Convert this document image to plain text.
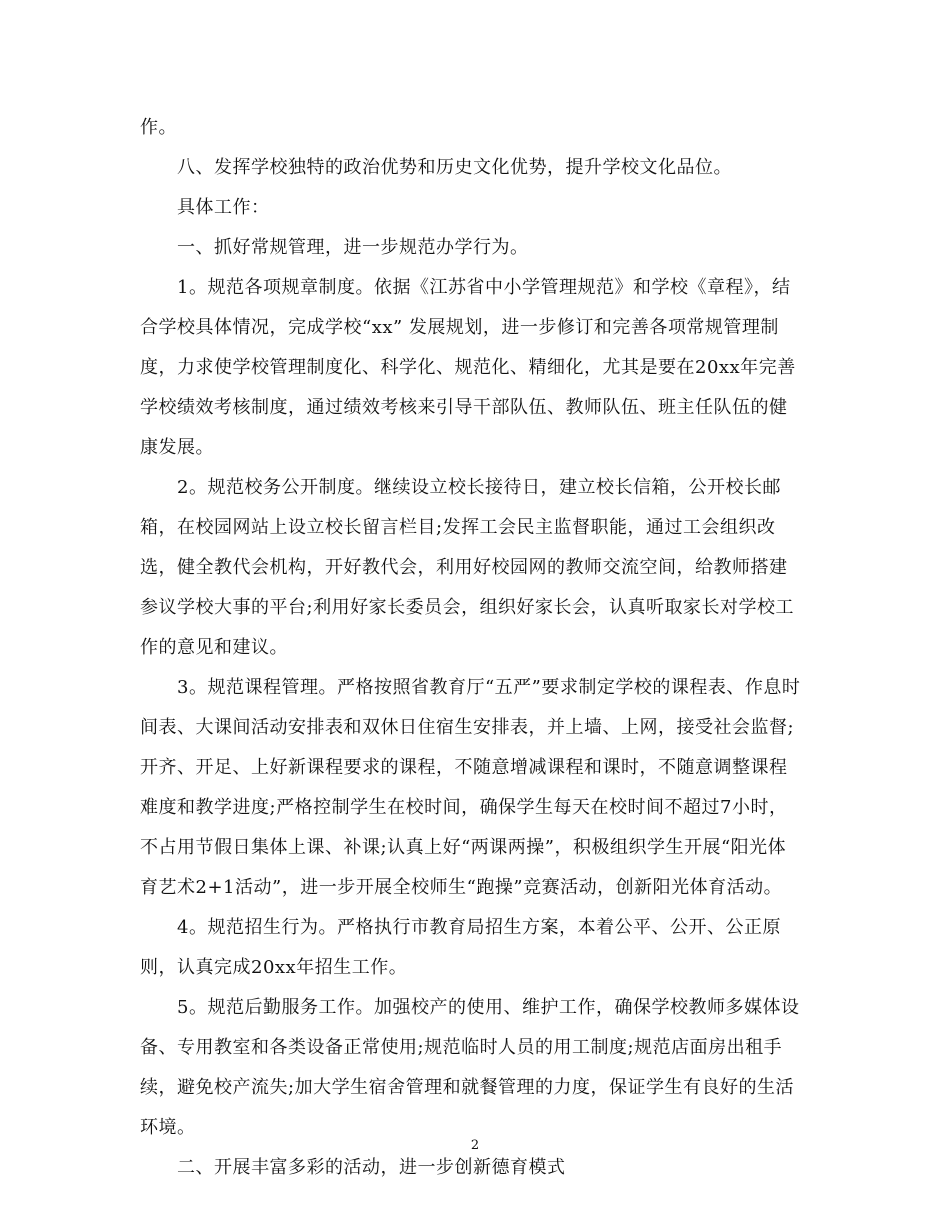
作。
八、发挥学校独特的政治优势和历史文化优势，提升学校文化品位。
具体工作：
一、抓好常规管理，进一步规范办学行为。
1。规范各项规章制度。依据《江苏省中小学管理规范》和学校《章程》，结
合学校具体情况，完成学校“xx” 发展规划，进一步修订和完善各项常规管理制
度，力求使学校管理制度化、科学化、规范化、精细化，尤其是要在20xx年完善
学校绩效考核制度，通过绩效考核来引导干部队伍、教师队伍、班主任队伍的健
康发展。
2。规范校务公开制度。继续设立校长接待日，建立校长信箱，公开校长邮
箱，在校园网站上设立校长留言栏目;发挥工会民主监督职能，通过工会组织改
选，健全教代会机构，开好教代会，利用好校园网的教师交流空间，给教师搭建
参议学校大事的平台;利用好家长委员会，组织好家长会，认真听取家长对学校工
作的意见和建议。
3。规范课程管理。严格按照省教育厅“五严”要求制定学校的课程表、作息时
间表、大课间活动安排表和双休日住宿生安排表，并上墙、上网，接受社会监督;
开齐、开足、上好新课程要求的课程，不随意增减课程和课时，不随意调整课程
难度和教学进度;严格控制学生在校时间，确保学生每天在校时间不超过7小时，
不占用节假日集体上课、补课;认真上好“两课两操”，积极组织学生开展“阳光体
育艺术2+1活动”，进一步开展全校师生“跑操”竞赛活动，创新阳光体育活动。
4。规范招生行为。严格执行市教育局招生方案，本着公平、公开、公正原
则，认真完成20xx年招生工作。
5。规范后勤服务工作。加强校产的使用、维护工作，确保学校教师多媒体设
备、专用教室和各类设备正常使用;规范临时人员的用工制度;规范店面房出租手
续，避免校产流失;加大学生宿舍管理和就餐管理的力度，保证学生有良好的生活
环境。
二、开展丰富多彩的活动，进一步创新德育模式
2
